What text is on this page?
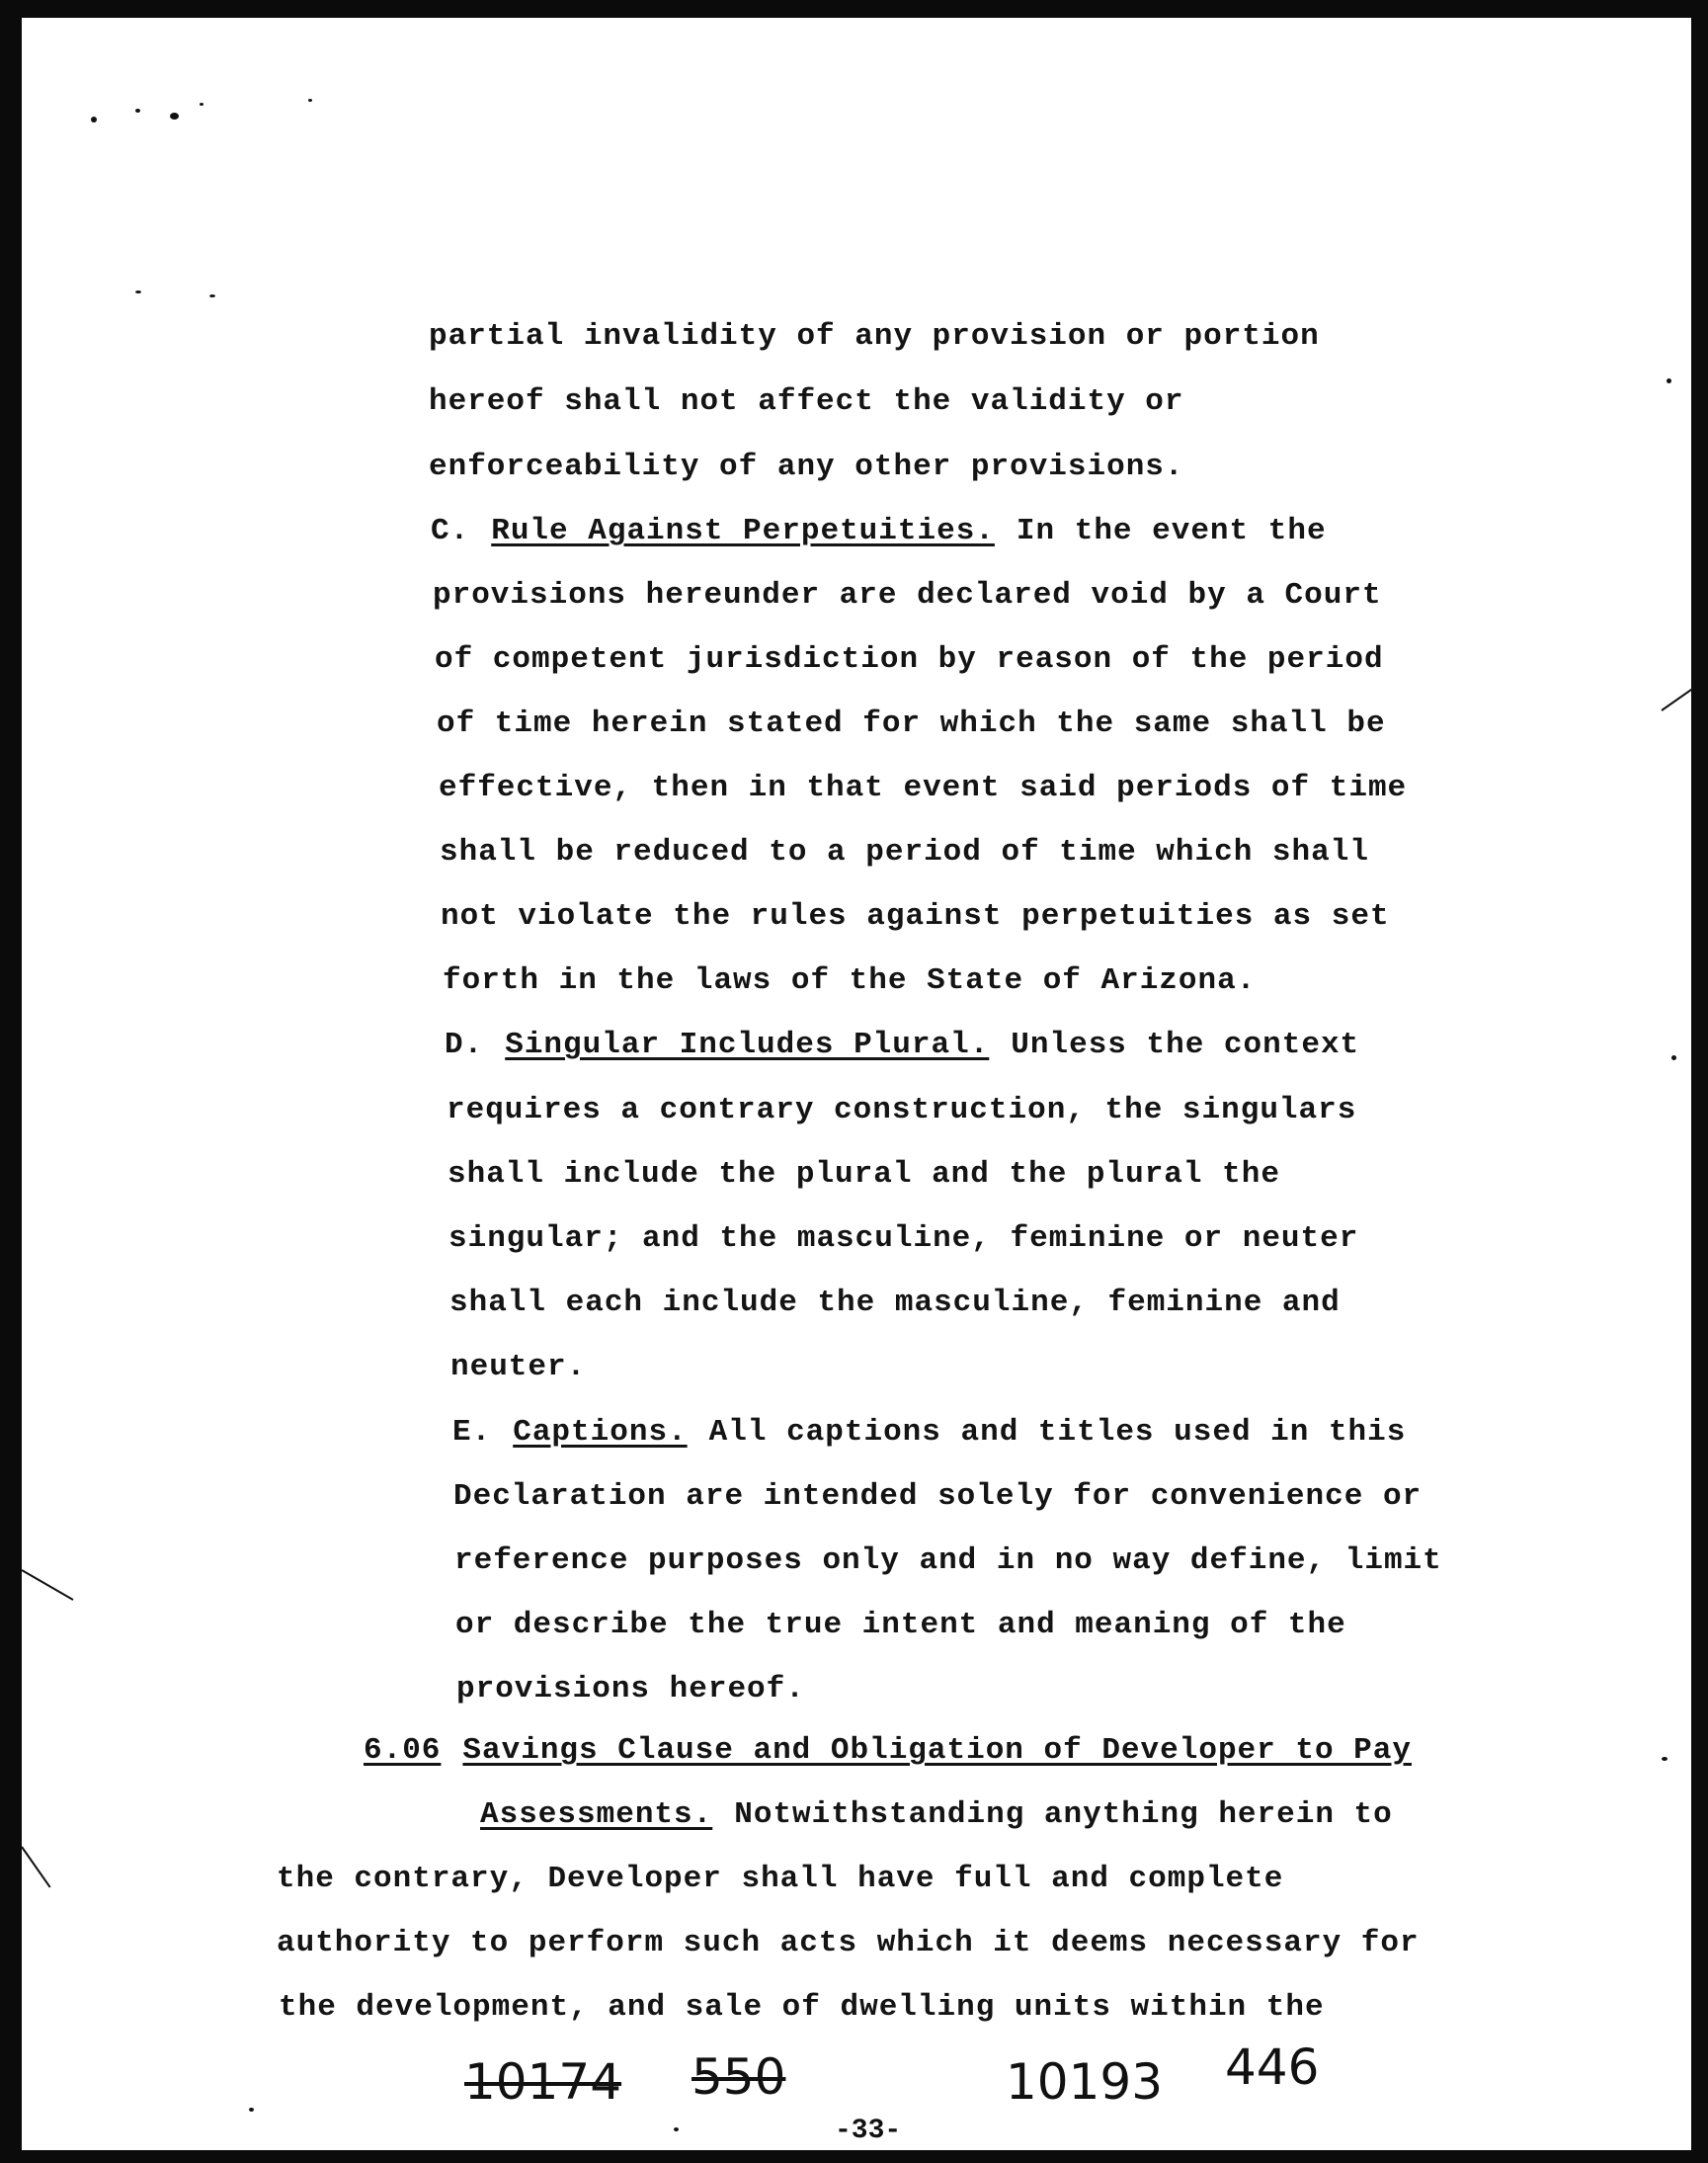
partial invalidity of any provision or portion
hereof shall not affect the validity or
enforceability of any other provisions.
C. Rule Against Perpetuities. In the event the
provisions hereunder are declared void by a Court
of competent jurisdiction by reason of the period
of time herein stated for which the same shall be
effective, then in that event said periods of time
shall be reduced to a period of time which shall
not violate the rules against perpetuities as set
forth in the laws of the State of Arizona.
D. Singular Includes Plural. Unless the context
requires a contrary construction, the singulars
shall include the plural and the plural the
singular; and the masculine, feminine or neuter
shall each include the masculine, feminine and
neuter.
E. Captions. All captions and titles used in this
Declaration are intended solely for convenience or
reference purposes only and in no way define, limit
or describe the true intent and meaning of the
provisions hereof.
6.06 Savings Clause and Obligation of Developer to Pay
Assessments. Notwithstanding anything herein to
the contrary, Developer shall have full and complete
authority to perform such acts which it deems necessary for
the development, and sale of dwelling units within the
10174 550	10193 446
-33-
